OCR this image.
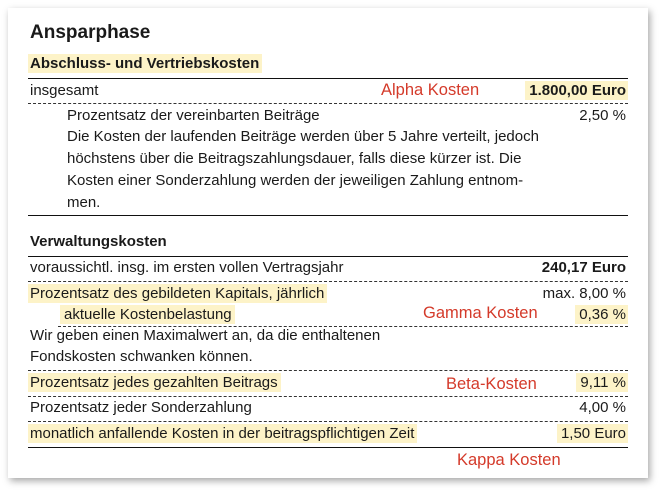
Ansparphase
Abschluss- und Vertriebskosten
insgesamt	Alpha Kosten	1.800,00 Euro
Prozentsatz der vereinbarten Beiträge	2,50 %
Die Kosten der laufenden Beiträge werden über 5 Jahre verteilt, jedoch
höchstens über die Beitragszahlungsdauer, falls diese kürzer ist. Die
Kosten einer Sonderzahlung werden der jeweiligen Zahlung entnom-
men.
Verwaltungskosten
voraussichtl. insg. im ersten vollen Vertragsjahr	240,17 Euro
Prozentsatz des gebildeten Kapitals, jährlich	max. 8,00 %
aktuelle Kostenbelastung	Gamma Kosten	0,36 %
Wir geben einen Maximalwert an, da die enthaltenen
Fondskosten schwanken können.
Prozentsatz jedes gezahlten Beitrags	Beta-Kosten	9,11 %
Prozentsatz jeder Sonderzahlung	4,00 %
monatlich anfallende Kosten in der beitragspflichtigen Zeit	1,50 Euro
Kappa Kosten
